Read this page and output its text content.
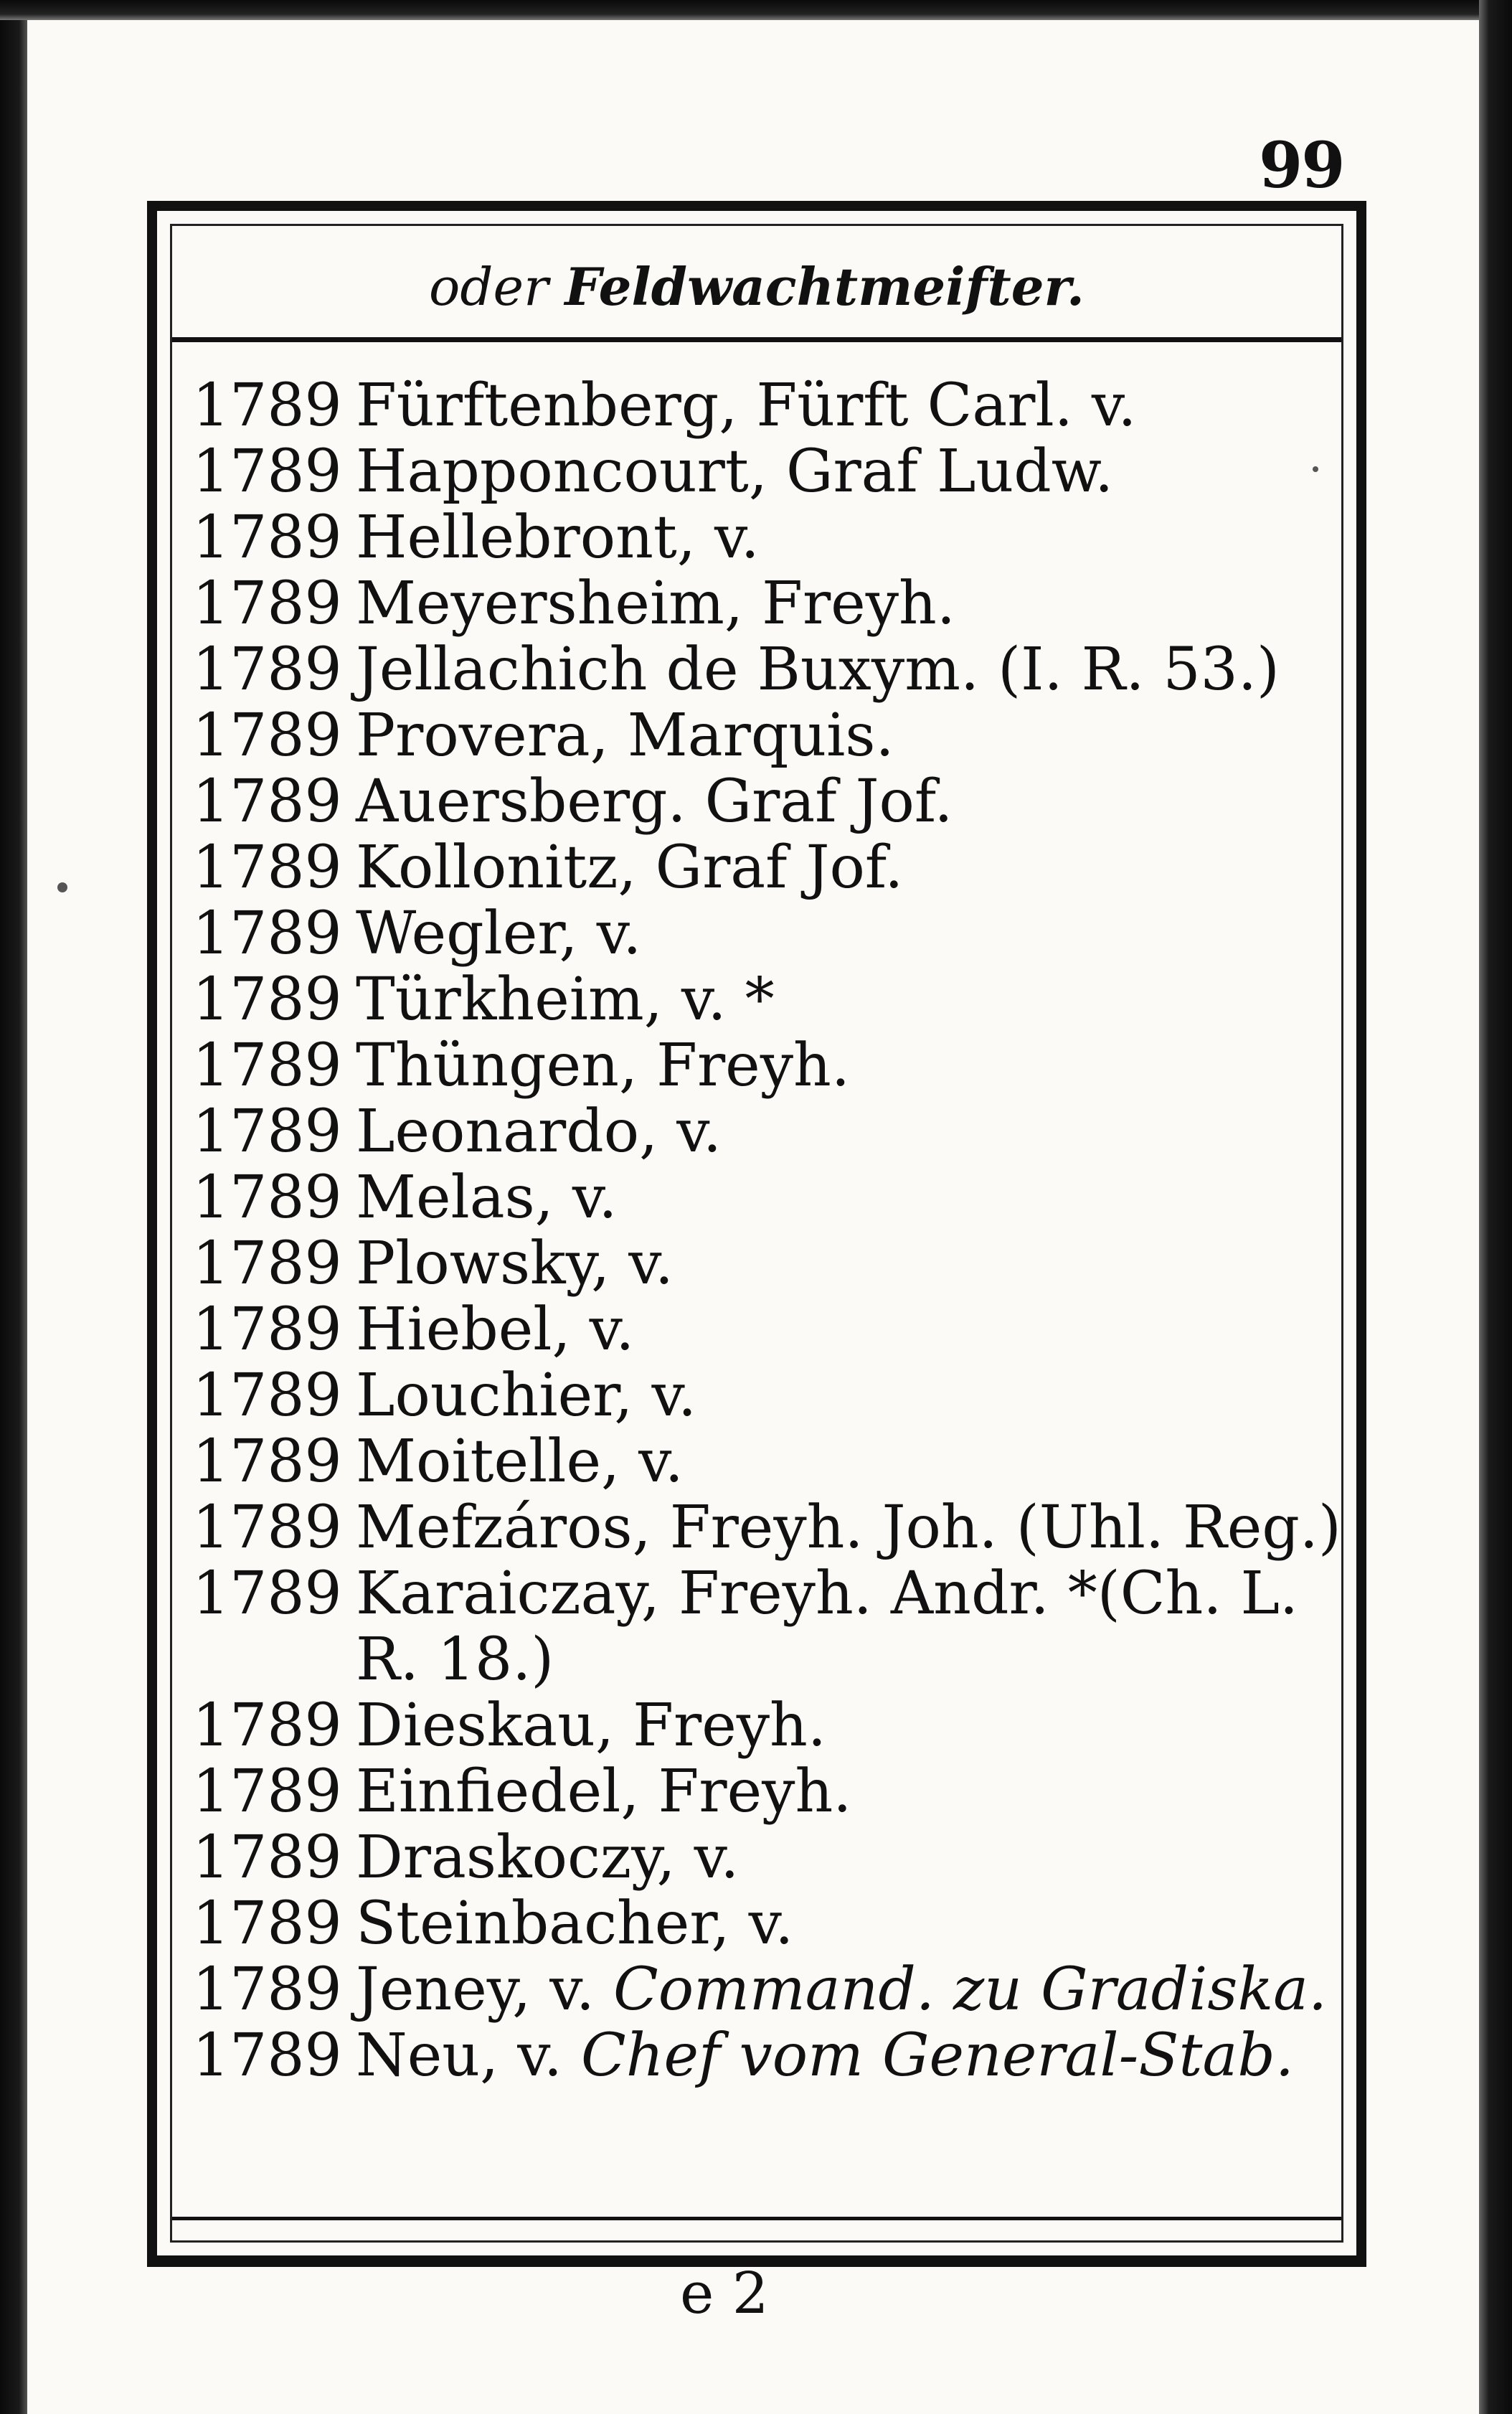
99
oder Feldwachtmeifter.
1789 Fürftenberg, Fürft Carl. v.
1789 Happoncourt, Graf Ludw.
1789 Hellebront, v.
1789 Meyersheim, Freyh.
1789 Jellachich de Buxym. (I. R. 53.)
1789 Provera, Marquis.
1789 Auersberg. Graf Jof.
1789 Kollonitz, Graf Jof.
1789 Wegler, v.
1789 Türkheim, v. *
1789 Thüngen, Freyh.
1789 Leonardo, v.
1789 Melas, v.
1789 Plowsky, v.
1789 Hiebel, v.
1789 Louchier, v.
1789 Moitelle, v.
1789 Mefzáros, Freyh. Joh. (Uhl. Reg.)
1789 Karaiczay, Freyh. Andr. *(Ch. L. R. 18.)
1789 Dieskau, Freyh.
1789 Einfiedel, Freyh.
1789 Draskoczy, v.
1789 Steinbacher, v.
1789 Jeney, v. Command. zu Gradiska.
1789 Neu, v. Chef vom General-Stab.
e 2
